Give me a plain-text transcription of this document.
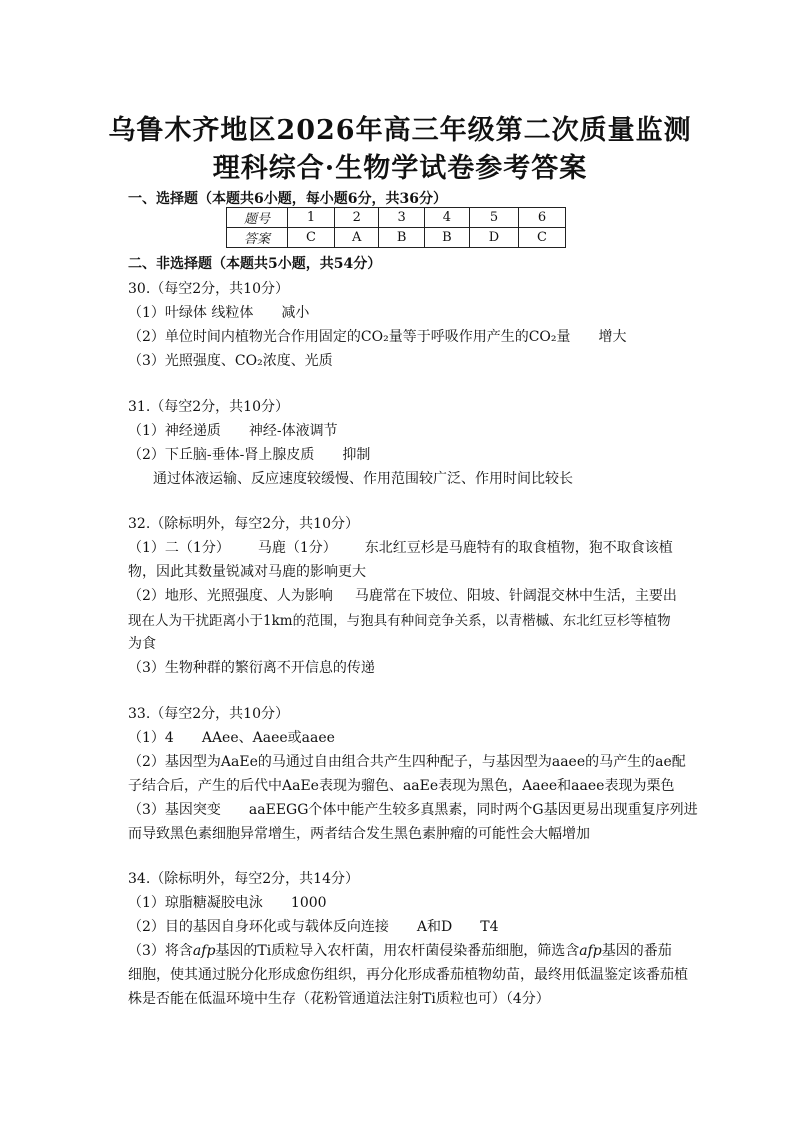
乌鲁木齐地区2026年高三年级第二次质量监测
理科综合·生物学试卷参考答案
一、选择题（本题共6小题，每小题6分，共36分）
题号	1	2	3	4	5	6
答案	C	A	B	B	D	C
二、非选择题（本题共5小题，共54分）
30.（每空2分，共10分）
（1）叶绿体 线粒体 减小
（2）单位时间内植物光合作用固定的CO₂量等于呼吸作用产生的CO₂量 增大
（3）光照强度、CO₂浓度、光质
31.（每空2分，共10分）
（1）神经递质 神经-体液调节
（2）下丘脑-垂体-肾上腺皮质 抑制
通过体液运输、反应速度较缓慢、作用范围较广泛、作用时间比较长
32.（除标明外，每空2分，共10分）
（1）二（1分） 马鹿（1分） 东北红豆杉是马鹿特有的取食植物，狍不取食该植
物，因此其数量锐减对马鹿的影响更大
（2）地形、光照强度、人为影响 马鹿常在下坡位、阳坡、针阔混交林中生活，主要出
现在人为干扰距离小于1km的范围，与狍具有种间竞争关系，以青楷槭、东北红豆杉等植物
为食
（3）生物种群的繁衍离不开信息的传递
33.（每空2分，共10分）
（1）4 AAee、Aaee或aaee
（2）基因型为AaEe的马通过自由组合共产生四种配子，与基因型为aaee的马产生的ae配
子结合后，产生的后代中AaEe表现为骝色、aaEe表现为黑色，Aaee和aaee表现为栗色
（3）基因突变 aaEEGG个体中能产生较多真黑素，同时两个G基因更易出现重复序列进
而导致黑色素细胞异常增生，两者结合发生黑色素肿瘤的可能性会大幅增加
34.（除标明外，每空2分，共14分）
（1）琼脂糖凝胶电泳 1000
（2）目的基因自身环化或与载体反向连接 A和D T4
（3）将含afp基因的Ti质粒导入农杆菌，用农杆菌侵染番茄细胞，筛选含afp基因的番茄
细胞，使其通过脱分化形成愈伤组织，再分化形成番茄植物幼苗，最终用低温鉴定该番茄植
株是否能在低温环境中生存（花粉管通道法注射Ti质粒也可）（4分）
